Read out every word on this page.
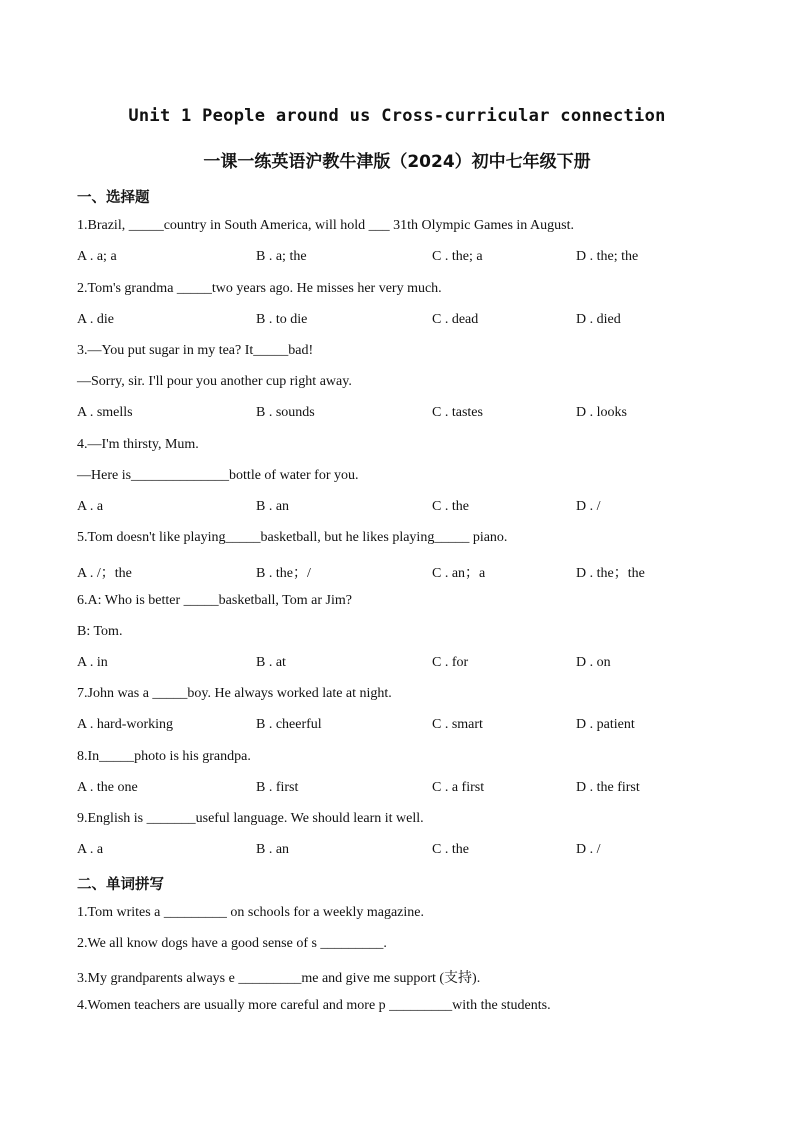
Unit 1 People around us Cross-curricular connection
一课一练英语沪教牛津版（2024）初中七年级下册
一、选择题
1.Brazil, _____country in South America, will hold ___ 31th Olympic Games in August.
A . a; a	B . a; the	C . the; a	D . the; the
2.Tom's grandma _____two years ago. He misses her very much.
A . die	B . to die	C . dead	D . died
3.—You put sugar in my tea? It_____bad!
—Sorry, sir. I'll pour you another cup right away.
A . smells	B . sounds	C . tastes	D . looks
4.—I'm thirsty, Mum.
—Here is______________bottle of water for you.
A . a	B . an	C . the	D . /
5.Tom doesn't like playing_____basketball, but he likes playing_____ piano.
A . /；the	B . the；/	C . an；a	D . the；the
6.A: Who is better _____basketball, Tom ar Jim?
B: Tom.
A . in	B . at	C . for	D . on
7.John was a _____boy. He always worked late at night.
A . hard-working	B . cheerful	C . smart	D . patient
8.In_____photo is his grandpa.
A . the one	B . first	C . a first	D . the first
9.English is _______useful language. We should learn it well.
A . a	B . an	C . the	D . /
二、单词拼写
1.Tom writes a _________ on schools for a weekly magazine.
2.We all know dogs have a good sense of s _________.
3.My grandparents always e _________me and give me support (支持).
4.Women teachers are usually more careful and more p _________with the students.
